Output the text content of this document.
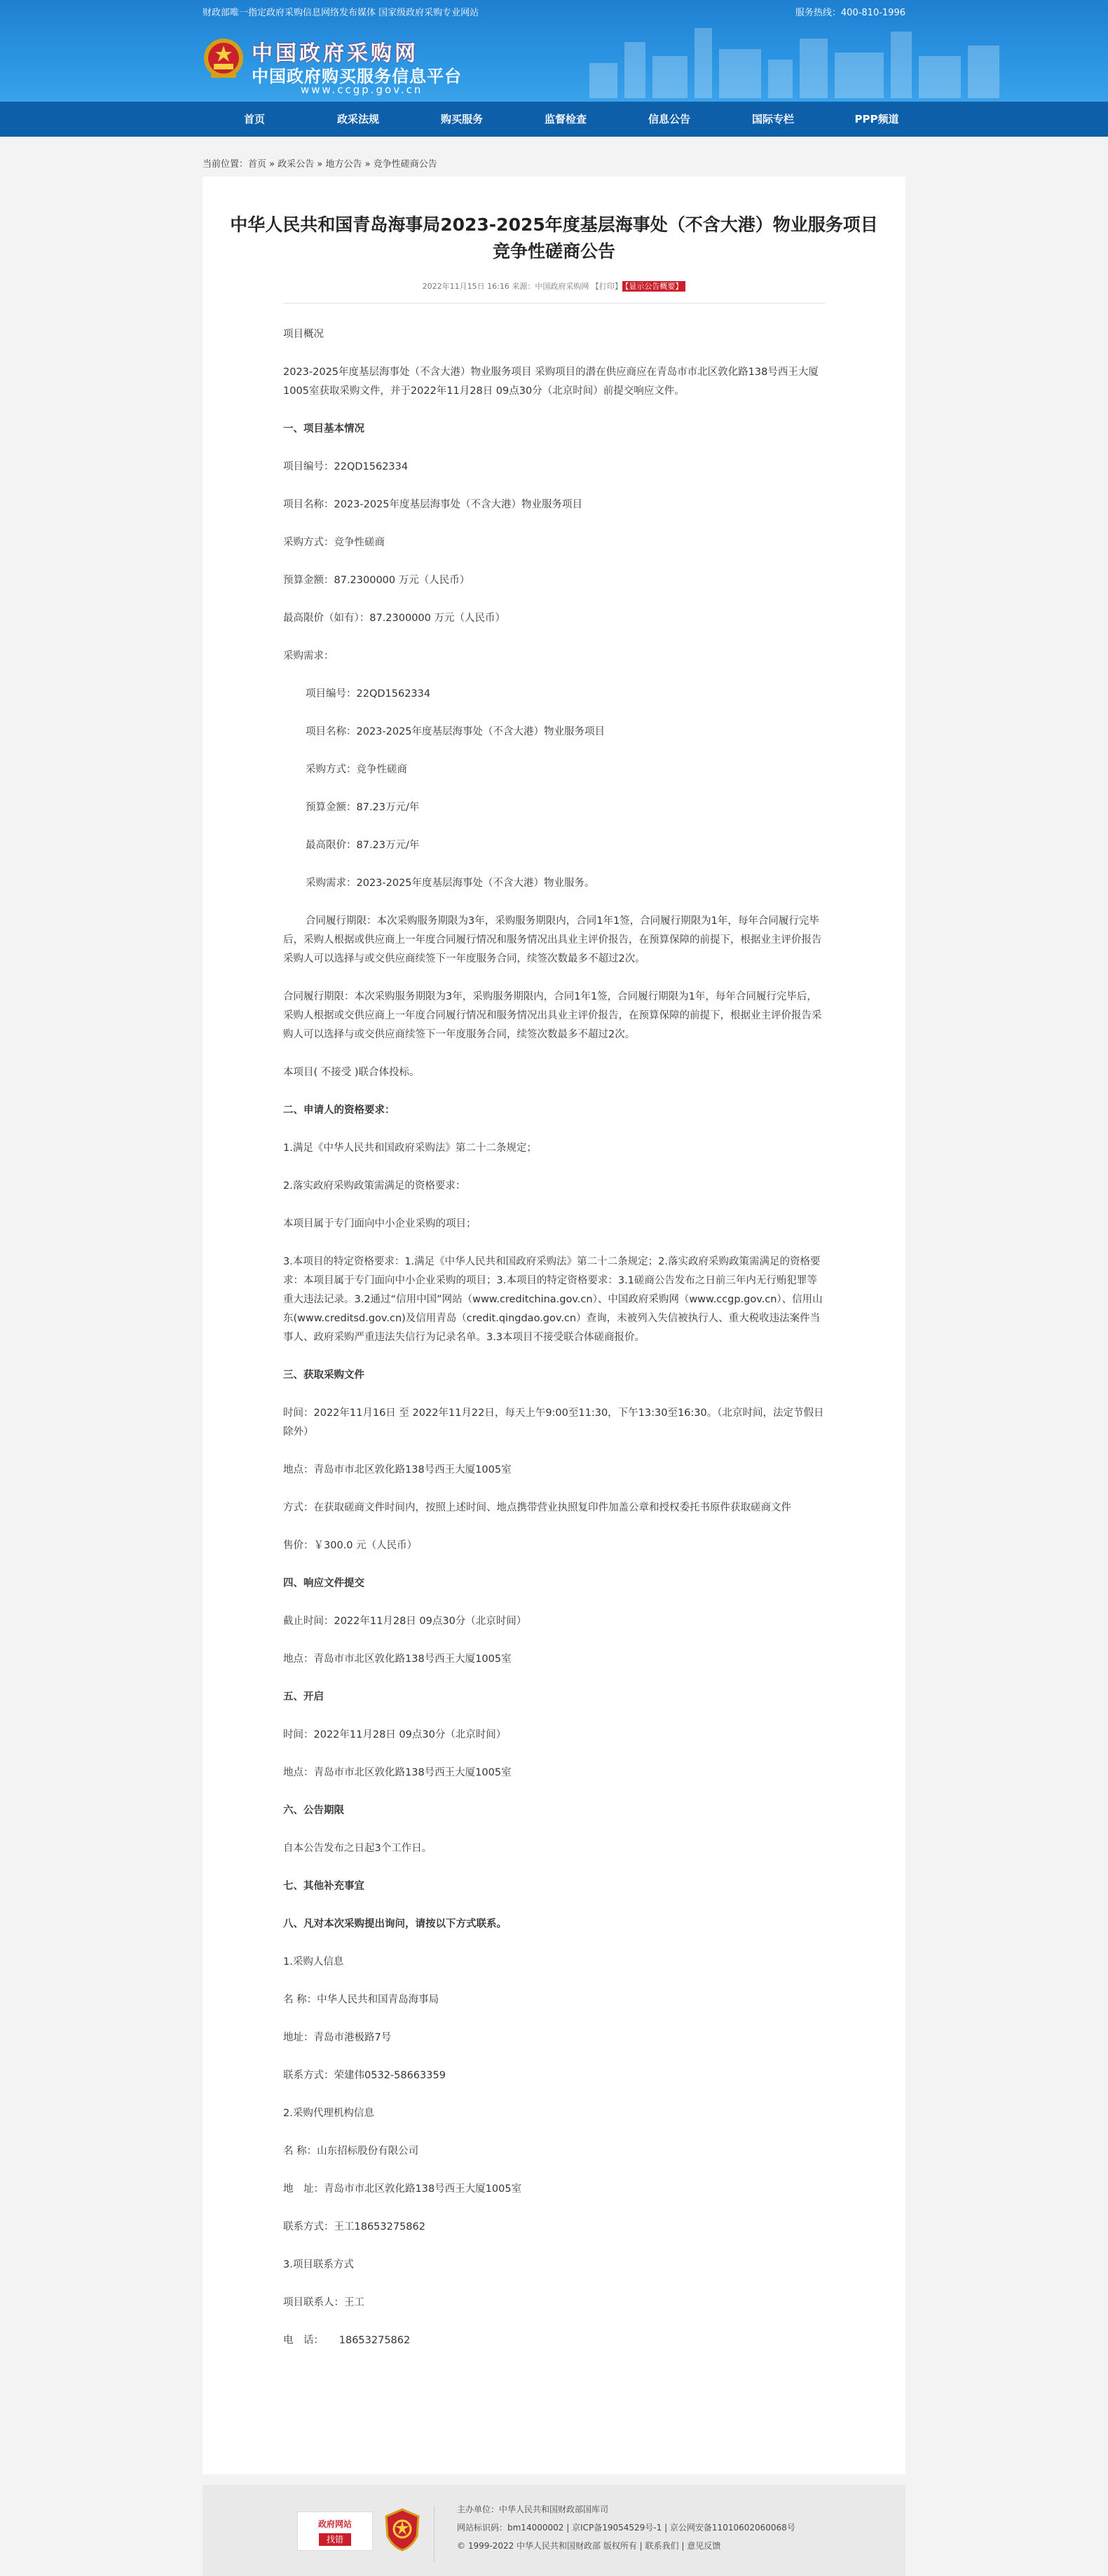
财政部唯一指定政府采购信息网络发布媒体 国家级政府采购专业网站	服务热线：400-810-1996
中国政府采购网
中国政府购买服务信息平台
www.ccgp.gov.cn
首页	政采法规	购买服务	监督检查	信息公告	国际专栏	PPP频道
当前位置：首页 » 政采公告 » 地方公告 » 竞争性磋商公告
中华人民共和国青岛海事局2023-2025年度基层海事处（不含大港）物业服务项目
竞争性磋商公告
2022年11月15日 16:16 来源：中国政府采购网 【打印】 【显示公告概要】

项目概况

2023-2025年度基层海事处（不含大港）物业服务项目 采购项目的潜在供应商应在青岛市市北区敦化路138号西王大厦1005室获取采购文件，并于2022年11月28日 09点30分（北京时间）前提交响应文件。

一、项目基本情况

项目编号：22QD1562334

项目名称：2023-2025年度基层海事处（不含大港）物业服务项目

采购方式：竞争性磋商

预算金额：87.2300000 万元（人民币）

最高限价（如有）：87.2300000 万元（人民币）

采购需求：

项目编号：22QD1562334

项目名称：2023-2025年度基层海事处（不含大港）物业服务项目

采购方式：竞争性磋商

预算金额：87.23万元/年

最高限价：87.23万元/年

采购需求：2023-2025年度基层海事处（不含大港）物业服务。

合同履行期限：本次采购服务期限为3年，采购服务期限内，合同1年1签，合同履行期限为1年，每年合同履行完毕后，采购人根据或供应商上一年度合同履行情况和服务情况出具业主评价报告，在预算保障的前提下，根据业主评价报告采购人可以选择与或交供应商续签下一年度服务合同，续签次数最多不超过2次。

合同履行期限：本次采购服务期限为3年，采购服务期限内，合同1年1签，合同履行期限为1年，每年合同履行完毕后，采购人根据或交供应商上一年度合同履行情况和服务情况出具业主评价报告，在预算保障的前提下，根据业主评价报告采购人可以选择与或交供应商续签下一年度服务合同，续签次数最多不超过2次。

本项目( 不接受 )联合体投标。

二、申请人的资格要求：

1.满足《中华人民共和国政府采购法》第二十二条规定；

2.落实政府采购政策需满足的资格要求：

本项目属于专门面向中小企业采购的项目；

3.本项目的特定资格要求：1.满足《中华人民共和国政府采购法》第二十二条规定；2.落实政府采购政策需满足的资格要求：本项目属于专门面向中小企业采购的项目；3.本项目的特定资格要求：3.1磋商公告发布之日前三年内无行贿犯罪等重大违法记录。3.2通过“信用中国”网站（www.creditchina.gov.cn）、中国政府采购网（www.ccgp.gov.cn）、信用山东(www.creditsd.gov.cn)及信用青岛（credit.qingdao.gov.cn）查询，未被列入失信被执行人、重大税收违法案件当事人、政府采购严重违法失信行为记录名单。3.3本项目不接受联合体磋商报价。

三、获取采购文件

时间：2022年11月16日 至 2022年11月22日，每天上午9:00至11:30，下午13:30至16:30。（北京时间，法定节假日除外）

地点：青岛市市北区敦化路138号西王大厦1005室

方式：在获取磋商文件时间内，按照上述时间、地点携带营业执照复印件加盖公章和授权委托书原件获取磋商文件

售价：￥300.0 元（人民币）

四、响应文件提交

截止时间：2022年11月28日 09点30分（北京时间）

地点：青岛市市北区敦化路138号西王大厦1005室

五、开启

时间：2022年11月28日 09点30分（北京时间）

地点：青岛市市北区敦化路138号西王大厦1005室

六、公告期限

自本公告发布之日起3个工作日。

七、其他补充事宜

八、凡对本次采购提出询问，请按以下方式联系。

1.采购人信息

名 称：中华人民共和国青岛海事局

地址：青岛市港极路7号

联系方式：荣建伟0532-58663359

2.采购代理机构信息

名 称：山东招标股份有限公司

地　址：青岛市市北区敦化路138号西王大厦1005室

联系方式：王工18653275862

3.项目联系方式

项目联系人：王工

电　话：　　18653275862

政府网站
找错
主办单位：中华人民共和国财政部国库司
网站标识码：bm14000002 | 京ICP备19054529号-1 | 京公网安备11010602060068号
© 1999-2022 中华人民共和国财政部 版权所有 | 联系我们 | 意见反馈
